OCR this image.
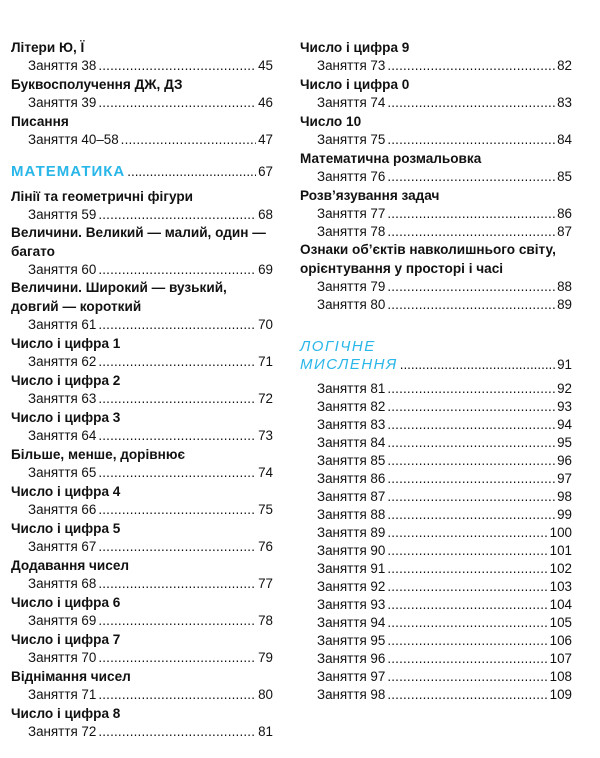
Літери Ю, Ї
Заняття 38 .....	45
Буквосполучення ДЖ, ДЗ
Заняття 39 .....	46
Писання
Заняття 40–58 .....	47
МАТЕМАТИКА .....	67
Лінії та геометричні фігури
Заняття 59 .....	68
Величини. Великий — малий, один — багато
Заняття 60 .....	69
Величини. Широкий — вузький, довгий — короткий
Заняття 61 .....	70
Число і цифра 1
Заняття 62 .....	71
Число і цифра 2
Заняття 63 .....	72
Число і цифра 3
Заняття 64 .....	73
Більше, менше, дорівнює
Заняття 65 .....	74
Число і цифра 4
Заняття 66 .....	75
Число і цифра 5
Заняття 67 .....	76
Додавання чисел
Заняття 68 .....	77
Число і цифра 6
Заняття 69 .....	78
Число і цифра 7
Заняття 70 .....	79
Віднімання чисел
Заняття 71 .....	80
Число і цифра 8
Заняття 72 .....	81
Число і цифра 9
Заняття 73 .....	82
Число і цифра 0
Заняття 74 .....	83
Число 10
Заняття 75 .....	84
Математична розмальовка
Заняття 76 .....	85
Розв’язування задач
Заняття 77 .....	86
Заняття 78 .....	87
Ознаки об’єктів навколишнього світу, орієнтування у просторі і часі
Заняття 79 .....	88
Заняття 80 .....	89
ЛОГІЧНЕ МИСЛЕННЯ .....	91
Заняття 81 .....	92
Заняття 82 .....	93
Заняття 83 .....	94
Заняття 84 .....	95
Заняття 85 .....	96
Заняття 86 .....	97
Заняття 87 .....	98
Заняття 88 .....	99
Заняття 89 .....	100
Заняття 90 .....	101
Заняття 91 .....	102
Заняття 92 .....	103
Заняття 93 .....	104
Заняття 94 .....	105
Заняття 95 .....	106
Заняття 96 .....	107
Заняття 97 .....	108
Заняття 98 .....	109
